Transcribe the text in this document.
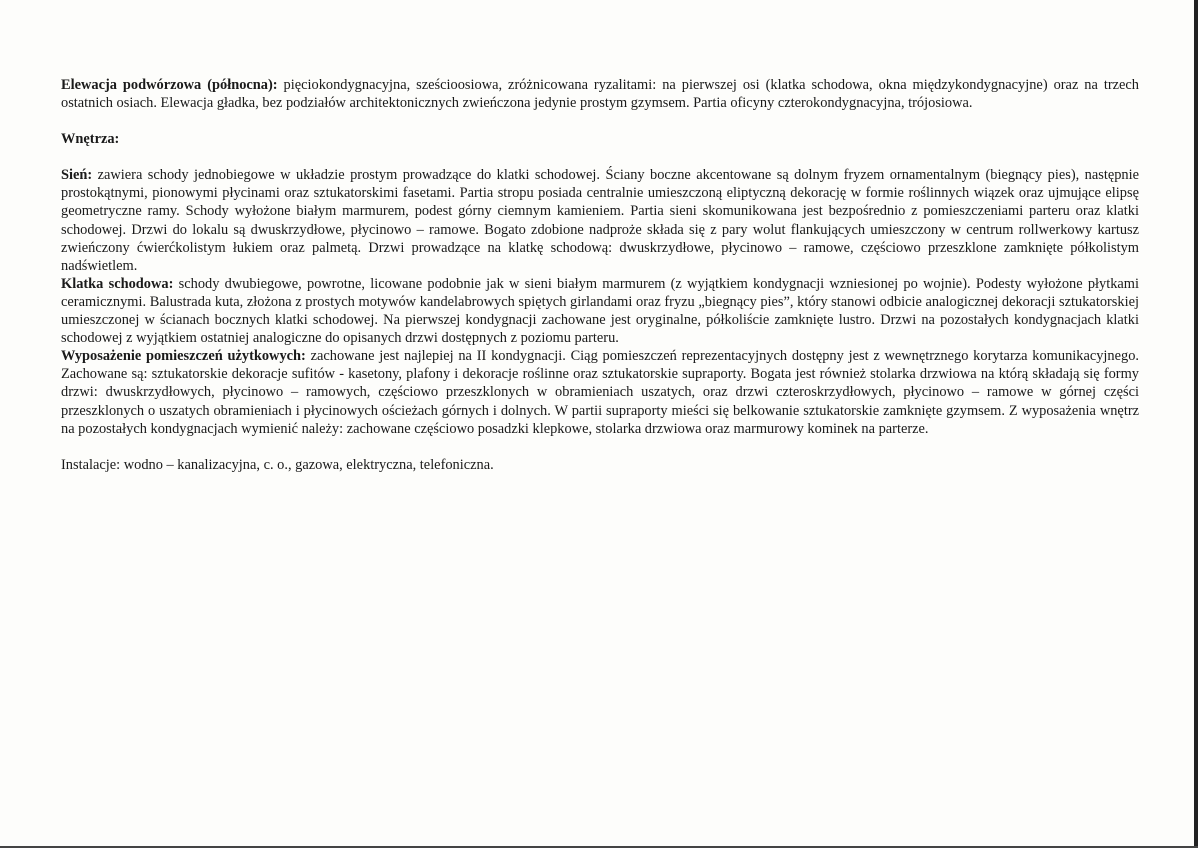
Elewacja podwórzowa (północna): pięciokondygnacyjna, sześcioosiowa, zróżnicowana ryzalitami: na pierwszej osi (klatka schodowa, okna międzykondygnacyjne) oraz na trzech ostatnich osiach. Elewacja gładka, bez podziałów architektonicznych zwieńczona jedynie prostym gzymsem. Partia oficyny czterokondygnacyjna, trójosiowa.

Wnętrza:

Sień: zawiera schody jednobiegowe w układzie prostym prowadzące do klatki schodowej. Ściany boczne akcentowane są dolnym fryzem ornamentalnym (biegnący pies), następnie prostokątnymi, pionowymi płycinami oraz sztukatorskimi fasetami. Partia stropu posiada centralnie umieszczoną eliptyczną dekorację w formie roślinnych wiązek oraz ujmujące elipsę geometryczne ramy. Schody wyłożone białym marmurem, podest górny ciemnym kamieniem. Partia sieni skomunikowana jest bezpośrednio z pomieszczeniami parteru oraz klatki schodowej. Drzwi do lokalu są dwuskrzydłowe, płycinowo – ramowe. Bogato zdobione nadproże składa się z pary wolut flankujących umieszczony w centrum rollwerkowy kartusz zwieńczony ćwierćkolistym łukiem oraz palmetą. Drzwi prowadzące na klatkę schodową: dwuskrzydłowe, płycinowo – ramowe, częściowo przeszklone zamknięte półkolistym nadświetlem.

Klatka schodowa: schody dwubiegowe, powrotne, licowane podobnie jak w sieni białym marmurem (z wyjątkiem kondygnacji wzniesionej po wojnie). Podesty wyłożone płytkami ceramicznymi. Balustrada kuta, złożona z prostych motywów kandelabrowych spiętych girlandami oraz fryzu „biegnący pies”, który stanowi odbicie analogicznej dekoracji sztukatorskiej umieszczonej w ścianach bocznych klatki schodowej. Na pierwszej kondygnacji zachowane jest oryginalne, półkoliście zamknięte lustro. Drzwi na pozostałych kondygnacjach klatki schodowej z wyjątkiem ostatniej analogiczne do opisanych drzwi dostępnych z poziomu parteru.

Wyposażenie pomieszczeń użytkowych: zachowane jest najlepiej na II kondygnacji. Ciąg pomieszczeń reprezentacyjnych dostępny jest z wewnętrznego korytarza komunikacyjnego. Zachowane są: sztukatorskie dekoracje sufitów - kasetony, plafony i dekoracje roślinne oraz sztukatorskie supraporty. Bogata jest również stolarka drzwiowa na którą składają się formy drzwi: dwuskrzydłowych, płycinowo – ramowych, częściowo przeszklonych w obramieniach uszatych, oraz drzwi czteroskrzydłowych, płycinowo – ramowe w górnej części przeszklonych o uszatych obramieniach i płycinowych ościeżach górnych i dolnych. W partii supraporty mieści się belkowanie sztukatorskie zamknięte gzymsem. Z wyposażenia wnętrz na pozostałych kondygnacjach wymienić należy: zachowane częściowo posadzki klepkowe, stolarka drzwiowa oraz marmurowy kominek na parterze.

Instalacje: wodno – kanalizacyjna, c. o., gazowa, elektryczna, telefoniczna.
